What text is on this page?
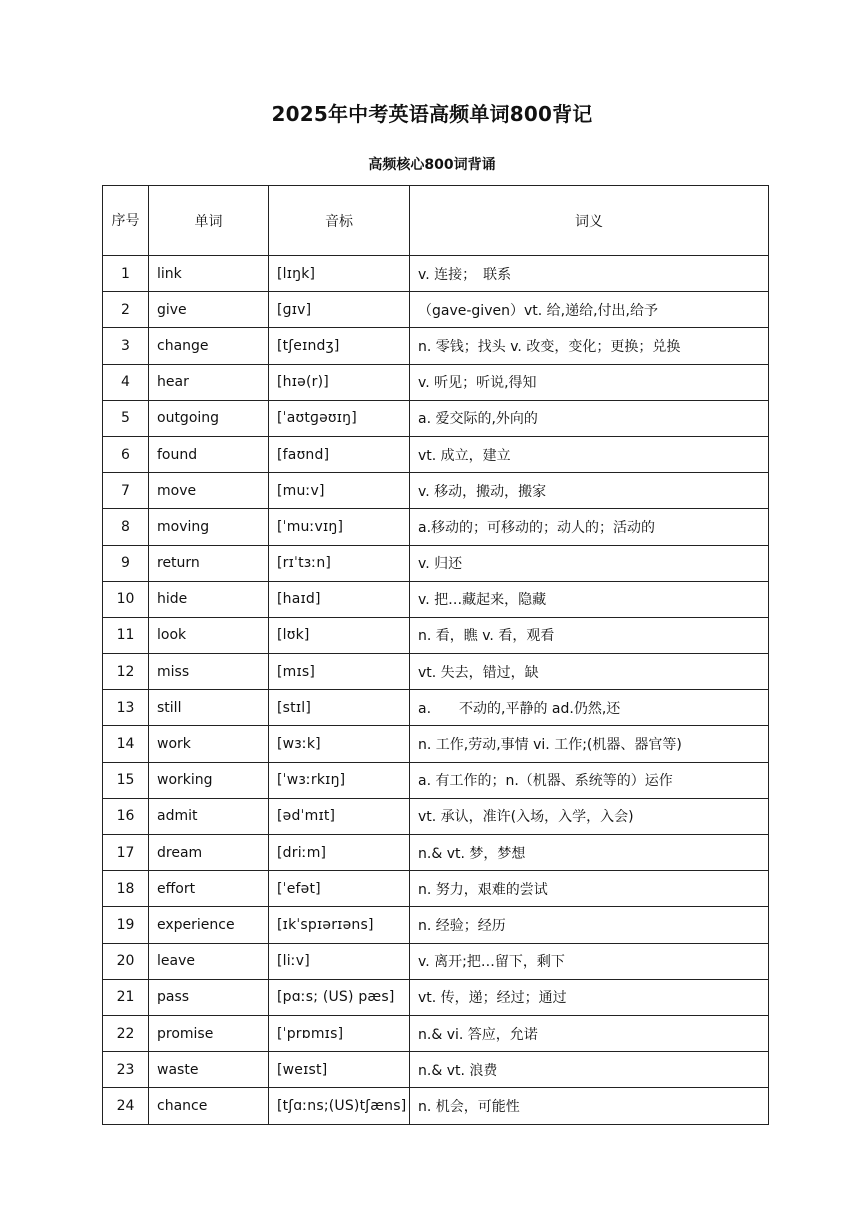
2025年中考英语高频单词800背记
高频核心800词背诵
序号	单词	音标	词义
1	link	[lɪŋk]	v. 连接；　联系
2	give	[ɡɪv]	（gave-given）vt. 给,递给,付出,给予
3	change	[tʃeɪndʒ]	n. 零钱；找头 v. 改变，变化；更换；兑换
4	hear	[hɪə(r)]	v. 听见；听说,得知
5	outgoing	[ˈaʊtɡəʊɪŋ]	a. 爱交际的,外向的
6	found	[faʊnd]	vt. 成立，建立
7	move	[muːv]	v. 移动，搬动，搬家
8	moving	[ˈmuːvɪŋ]	a.移动的；可移动的；动人的；活动的
9	return	[rɪˈtɜːn]	v. 归还
10	hide	[haɪd]	v. 把…藏起来，隐藏
11	look	[lʊk]	n. 看，瞧 v. 看，观看
12	miss	[mɪs]	vt. 失去，错过，缺
13	still	[stɪl]	a.　　不动的,平静的 ad.仍然,还
14	work	[wɜːk]	n. 工作,劳动,事情 vi. 工作;(机器、器官等)
15	working	[ˈwɜːrkɪŋ]	a. 有工作的；n.（机器、系统等的）运作
16	admit	[ədˈmɪt]	vt. 承认，准许(入场，入学，入会)
17	dream	[driːm]	n.& vt. 梦，梦想
18	effort	[ˈefət]	n. 努力，艰难的尝试
19	experience	[ɪkˈspɪərɪəns]	n. 经验；经历
20	leave	[liːv]	v. 离开;把…留下，剩下
21	pass	[pɑːs; (US) pæs]	vt. 传，递；经过；通过
22	promise	[ˈprɒmɪs]	n.& vi. 答应，允诺
23	waste	[weɪst]	n.& vt. 浪费
24	chance	[tʃɑːns;(US)tʃæns]	n. 机会，可能性
